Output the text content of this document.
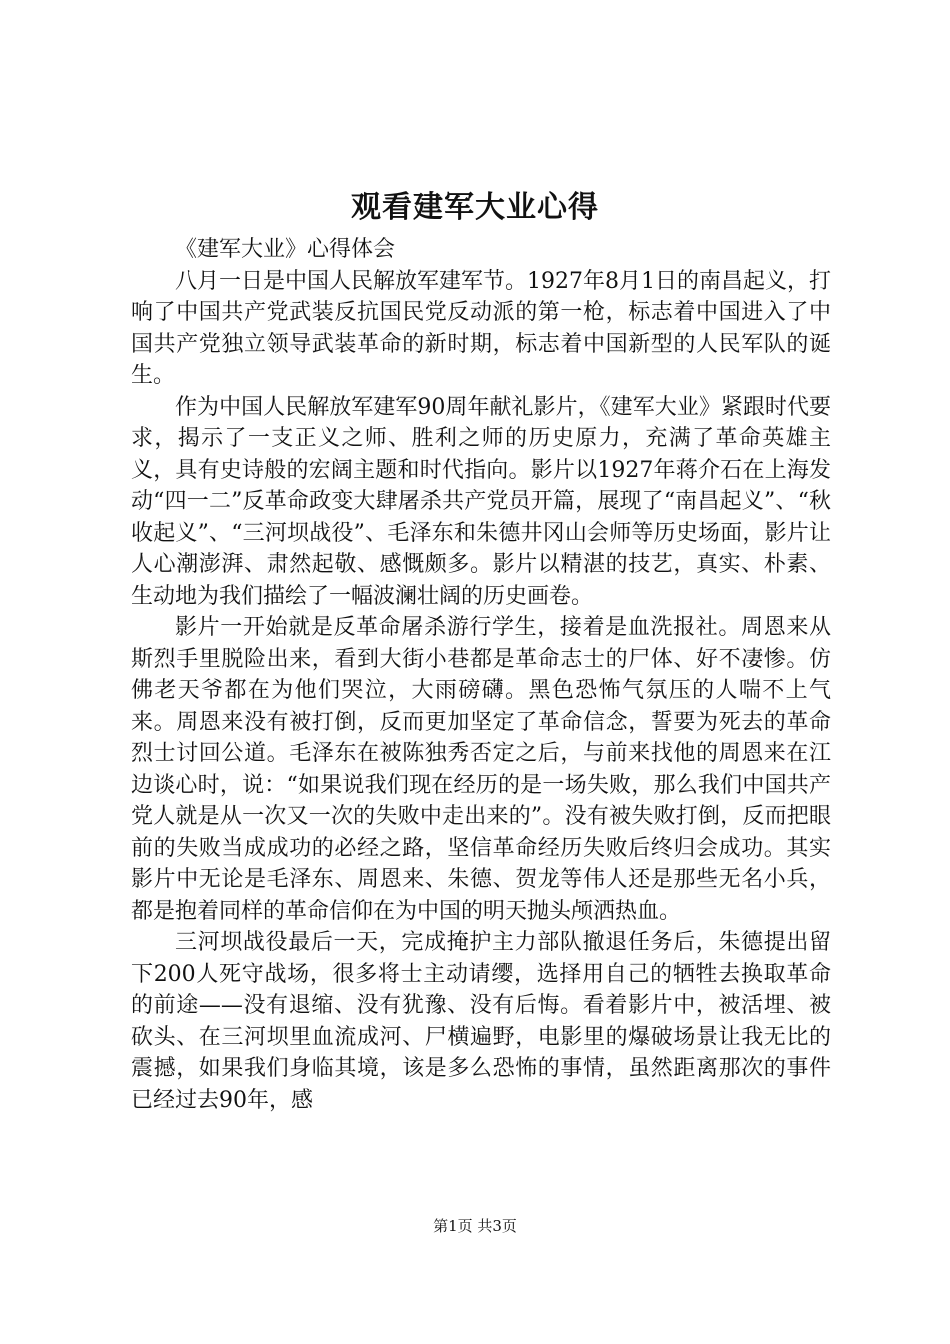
观看建军大业心得

《建军大业》心得体会

八月一日是中国人民解放军建军节。1927年8月1日的南昌起义，打响了中国共产党武装反抗国民党反动派的第一枪，标志着中国进入了中国共产党独立领导武装革命的新时期，标志着中国新型的人民军队的诞生。

作为中国人民解放军建军90周年献礼影片，《建军大业》紧跟时代要求，揭示了一支正义之师、胜利之师的历史原力，充满了革命英雄主义，具有史诗般的宏阔主题和时代指向。影片以1927年蒋介石在上海发动“四一二”反革命政变大肆屠杀共产党员开篇，展现了“南昌起义”、“秋收起义”、“三河坝战役”、毛泽东和朱德井冈山会师等历史场面，影片让人心潮澎湃、肃然起敬、感慨颇多。影片以精湛的技艺，真实、朴素、生动地为我们描绘了一幅波澜壮阔的历史画卷。

影片一开始就是反革命屠杀游行学生，接着是血洗报社。周恩来从斯烈手里脱险出来，看到大街小巷都是革命志士的尸体、好不凄惨。仿佛老天爷都在为他们哭泣，大雨磅礴。黑色恐怖气氛压的人喘不上气来。周恩来没有被打倒，反而更加坚定了革命信念，誓要为死去的革命烈士讨回公道。毛泽东在被陈独秀否定之后，与前来找他的周恩来在江边谈心时，说：“如果说我们现在经历的是一场失败，那么我们中国共产党人就是从一次又一次的失败中走出来的”。没有被失败打倒，反而把眼前的失败当成成功的必经之路，坚信革命经历失败后终归会成功。其实影片中无论是毛泽东、周恩来、朱德、贺龙等伟人还是那些无名小兵，都是抱着同样的革命信仰在为中国的明天抛头颅洒热血。

三河坝战役最后一天，完成掩护主力部队撤退任务后，朱德提出留下200人死守战场，很多将士主动请缨，选择用自己的牺牲去换取革命的前途——没有退缩、没有犹豫、没有后悔。看着影片中，被活埋、被砍头、在三河坝里血流成河、尸横遍野，电影里的爆破场景让我无比的震撼，如果我们身临其境，该是多么恐怖的事情，虽然距离那次的事件已经过去90年，感

第1页 共3页
